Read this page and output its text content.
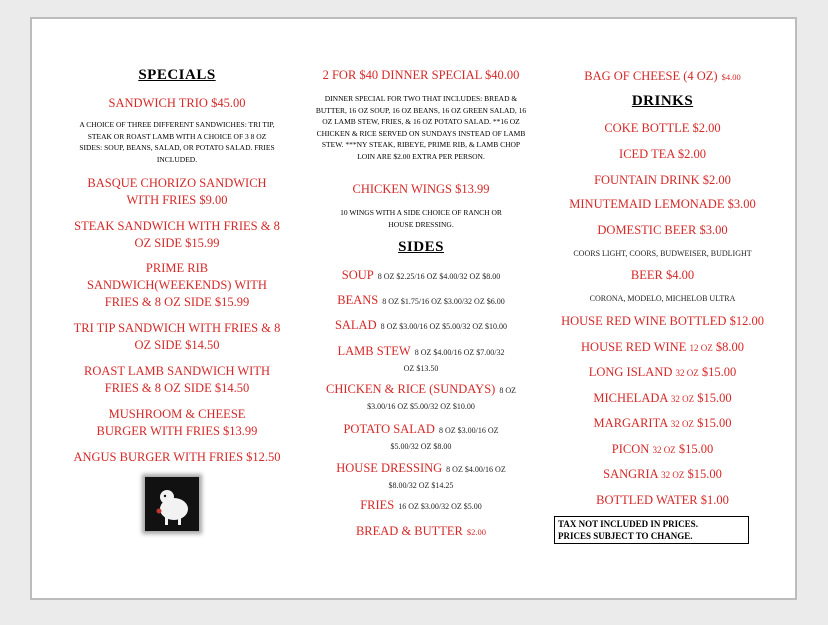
SPECIALS
SANDWICH TRIO $45.00
A CHOICE OF THREE DIFFERENT SANDWICHES: TRI TIP, STEAK OR ROAST LAMB WITH A CHOICE OF 3 8 OZ SIDES: SOUP, BEANS, SALAD, OR POTATO SALAD. FRIES INCLUDED.
BASQUE CHORIZO SANDWICH WITH FRIES $9.00
STEAK SANDWICH WITH FRIES & 8 OZ SIDE $15.99
PRIME RIB SANDWICH(WEEKENDS) WITH FRIES & 8 OZ SIDE $15.99
TRI TIP SANDWICH WITH FRIES & 8 OZ SIDE $14.50
ROAST LAMB SANDWICH WITH FRIES & 8 OZ SIDE $14.50
MUSHROOM & CHEESE BURGER WITH FRIES $13.99
ANGUS BURGER WITH FRIES $12.50
2 FOR $40 DINNER SPECIAL $40.00
DINNER SPECIAL FOR TWO THAT INCLUDES: BREAD & BUTTER, 16 OZ SOUP, 16 OZ BEANS, 16 OZ GREEN SALAD, 16 OZ LAMB STEW, FRIES, & 16 OZ POTATO SALAD. **16 OZ CHICKEN & RICE SERVED ON SUNDAYS INSTEAD OF LAMB STEW. ***NY STEAK, RIBEYE, PRIME RIB, & LAMB CHOP LOIN ARE $2.00 EXTRA PER PERSON.
CHICKEN WINGS $13.99
10 WINGS WITH A SIDE CHOICE OF RANCH OR HOUSE DRESSING.
SIDES
SOUP 8 OZ $2.25/16 OZ $4.00/32 OZ $8.00
BEANS 8 OZ $1.75/16 OZ $3.00/32 OZ $6.00
SALAD 8 OZ $3.00/16 OZ $5.00/32 OZ $10.00
LAMB STEW 8 OZ $4.00/16 OZ $7.00/32 OZ $13.50
CHICKEN & RICE (SUNDAYS) 8 OZ $3.00/16 OZ $5.00/32 OZ $10.00
POTATO SALAD 8 OZ $3.00/16 OZ $5.00/32 OZ $8.00
HOUSE DRESSING 8 OZ $4.00/16 OZ $8.00/32 OZ $14.25
FRIES 16 OZ $3.00/32 OZ $5.00
BREAD & BUTTER $2.00
BAG OF CHEESE (4 OZ) $4.00
DRINKS
COKE BOTTLE $2.00
ICED TEA $2.00
FOUNTAIN DRINK $2.00
MINUTEMAID LEMONADE $3.00
DOMESTIC BEER $3.00
COORS LIGHT, COORS, BUDWEISER, BUDLIGHT
BEER $4.00
CORONA, MODELO, MICHELOB ULTRA
HOUSE RED WINE BOTTLED $12.00
HOUSE RED WINE 12 OZ $8.00
LONG ISLAND 32 OZ $15.00
MICHELADA 32 OZ $15.00
MARGARITA 32 OZ $15.00
PICON 32 OZ $15.00
SANGRIA 32 OZ $15.00
BOTTLED WATER $1.00
TAX NOT INCLUDED IN PRICES.
PRICES SUBJECT TO CHANGE.
